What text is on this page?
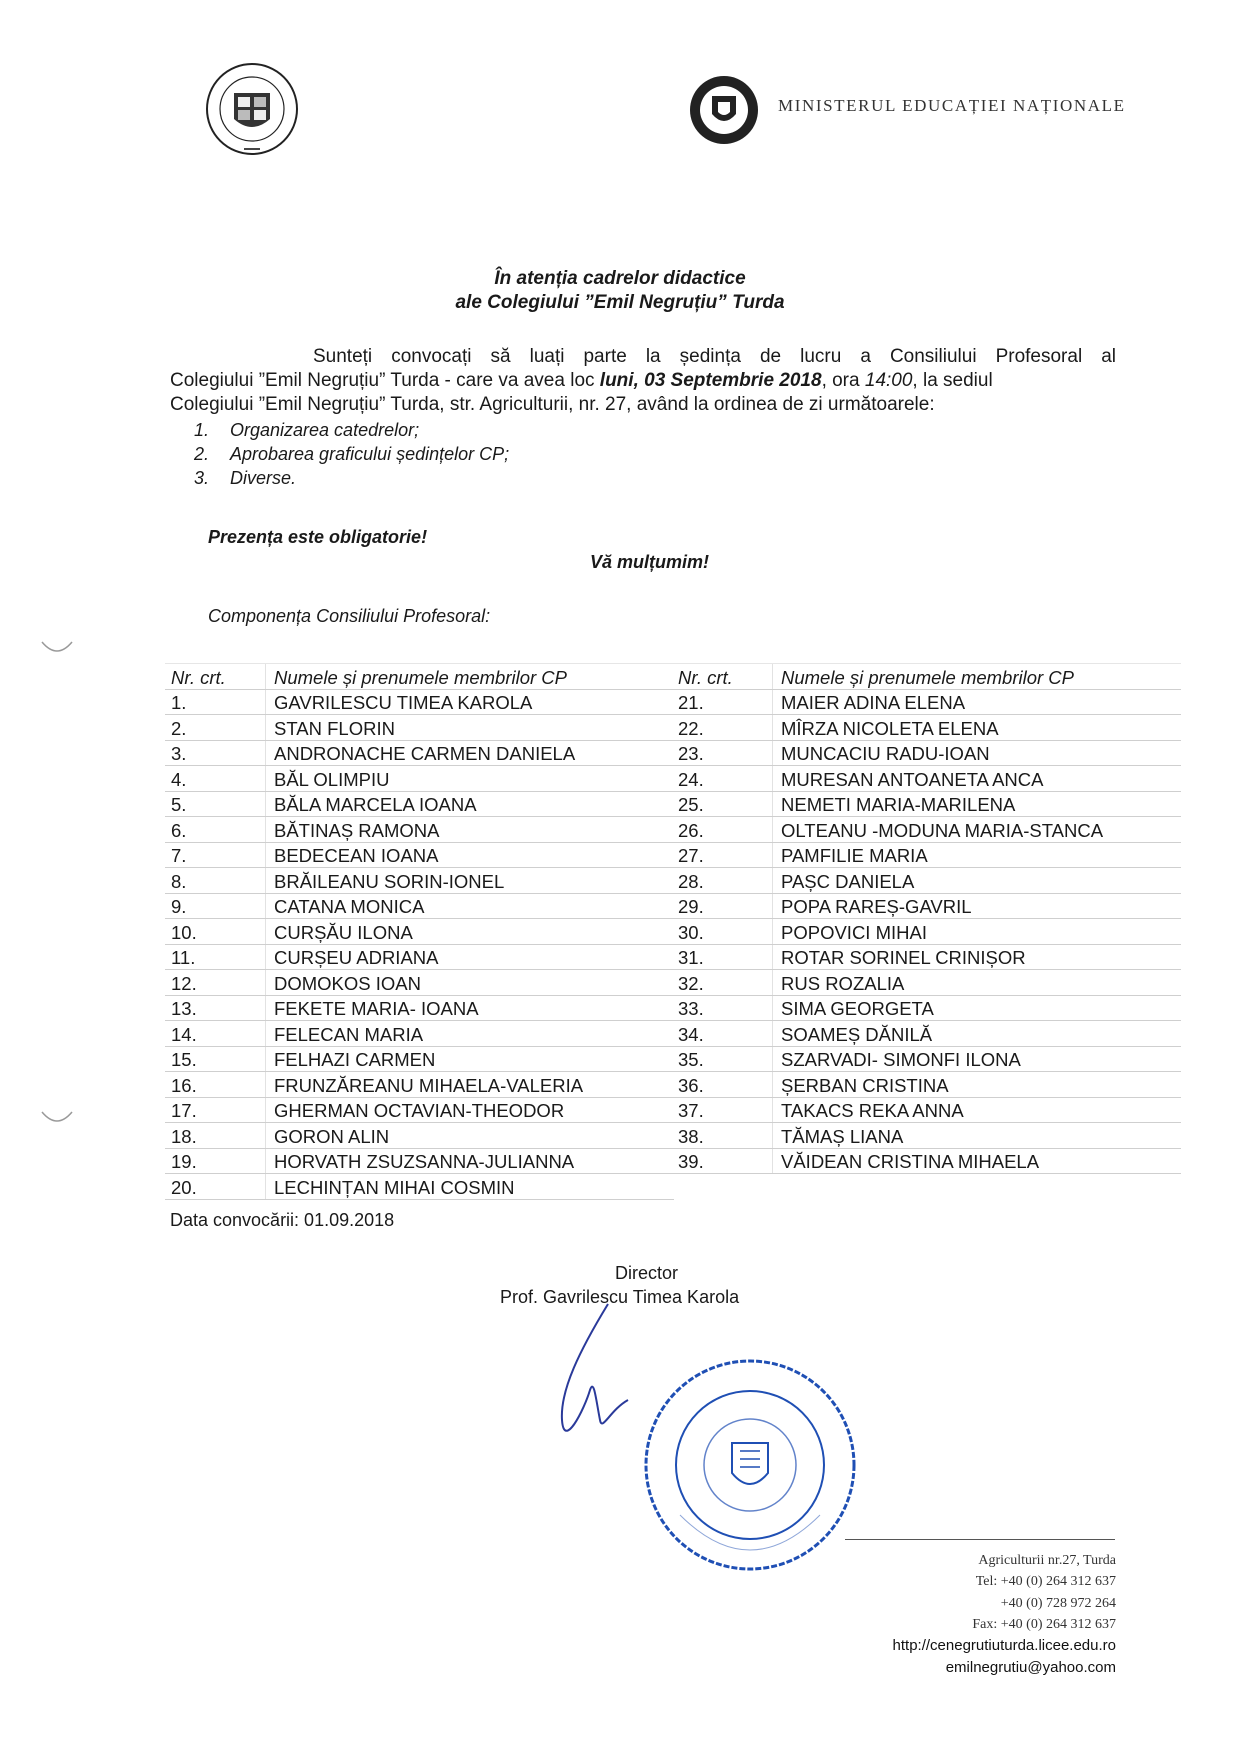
MINISTERUL EDUCAȚIEI NAȚIONALE
În atenția cadrelor didactice
ale Colegiului ”Emil Negruțiu” Turda
Sunteți convocați să luați parte la ședința de lucru a Consiliului Profesoral al
Colegiului ”Emil Negruțiu” Turda - care va avea loc luni, 03 Septembrie 2018, ora 14:00, la sediul
Colegiului ”Emil Negruțiu” Turda, str. Agriculturii, nr. 27, având la ordinea de zi următoarele:
1. Organizarea catedrelor;
2. Aprobarea graficului ședințelor CP;
3. Diverse.
Prezența este obligatorie!
Vă mulțumim!
Componența Consiliului Profesoral:
Nr. crt.	Numele și prenumele membrilor CP
1.	GAVRILESCU TIMEA KAROLA
2.	STAN FLORIN
3.	ANDRONACHE CARMEN DANIELA
4.	BĂL OLIMPIU
5.	BĂLA MARCELA IOANA
6.	BĂTINAȘ RAMONA
7.	BEDECEAN IOANA
8.	BRĂILEANU SORIN-IONEL
9.	CATANA MONICA
10.	CURȘĂU ILONA
11.	CURȘEU ADRIANA
12.	DOMOKOS IOAN
13.	FEKETE MARIA- IOANA
14.	FELECAN MARIA
15.	FELHAZI CARMEN
16.	FRUNZĂREANU MIHAELA-VALERIA
17.	GHERMAN OCTAVIAN-THEODOR
18.	GORON ALIN
19.	HORVATH ZSUZSANNA-JULIANNA
20.	LECHINȚAN MIHAI COSMIN
Nr. crt.	Numele și prenumele membrilor CP
21.	MAIER ADINA ELENA
22.	MÎRZA NICOLETA ELENA
23.	MUNCACIU RADU-IOAN
24.	MURESAN ANTOANETA ANCA
25.	NEMETI MARIA-MARILENA
26.	OLTEANU -MODUNA MARIA-STANCA
27.	PAMFILIE MARIA
28.	PAȘC DANIELA
29.	POPA RAREȘ-GAVRIL
30.	POPOVICI MIHAI
31.	ROTAR SORINEL CRINIȘOR
32.	RUS ROZALIA
33.	SIMA GEORGETA
34.	SOAMEȘ DĂNILĂ
35.	SZARVADI- SIMONFI ILONA
36.	ȘERBAN CRISTINA
37.	TAKACS REKA ANNA
38.	TĂMAȘ LIANA
39.	VĂIDEAN CRISTINA MIHAELA
Data convocării: 01.09.2018
Director
Prof. Gavrilescu Timea Karola
Agriculturii nr.27, Turda
Tel: +40 (0) 264 312 637
+40 (0) 728 972 264
Fax: +40 (0) 264 312 637
http://cenegrutiuturda.licee.edu.ro
emilnegrutiu@yahoo.com
